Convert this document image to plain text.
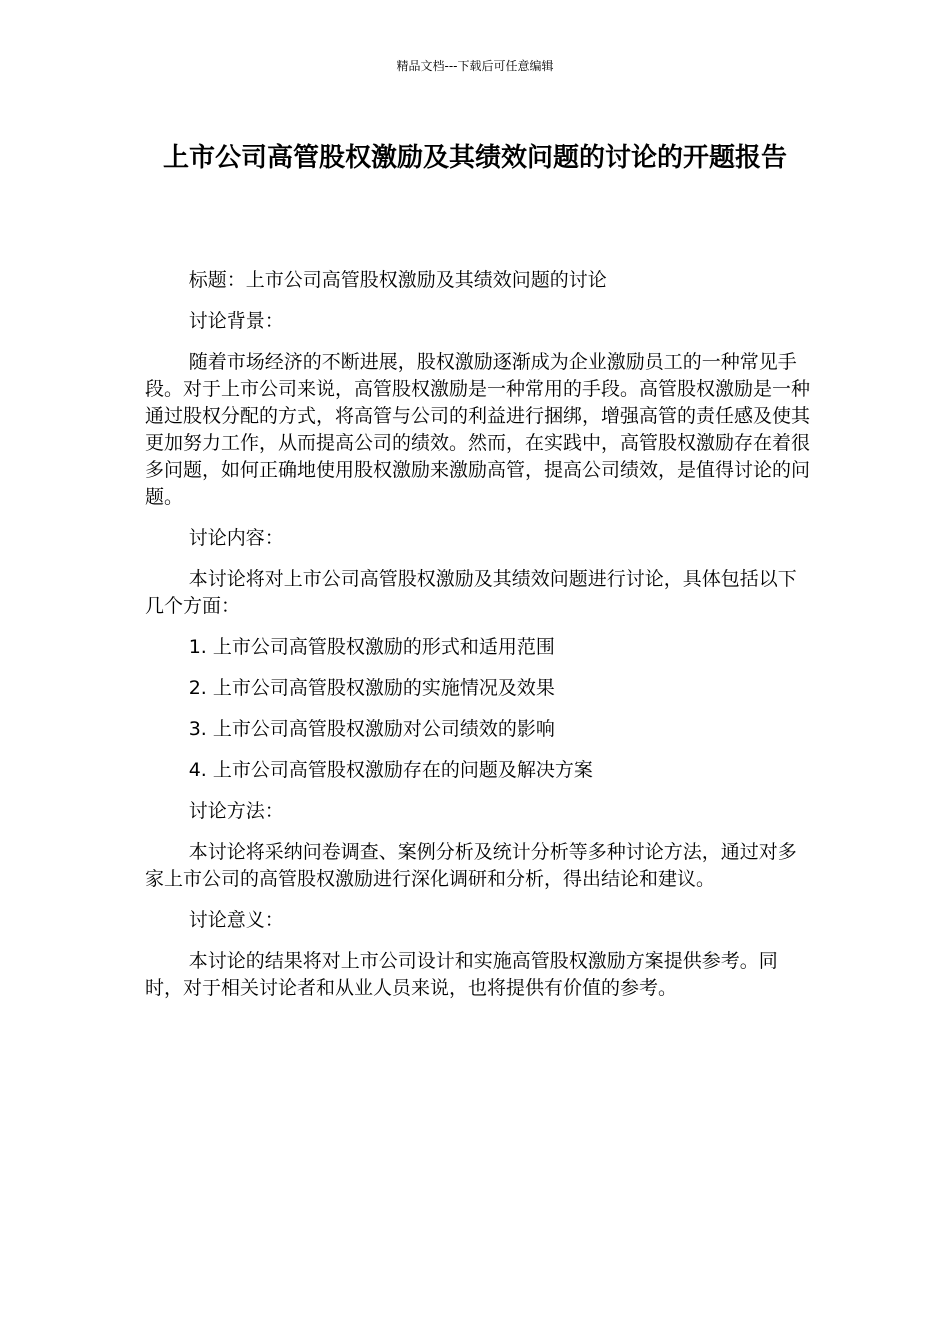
精品文档---下载后可任意编辑
上市公司高管股权激励及其绩效问题的讨论的开题报告

标题：上市公司高管股权激励及其绩效问题的讨论

讨论背景：

随着市场经济的不断进展，股权激励逐渐成为企业激励员工的一种常见手段。对于上市公司来说，高管股权激励是一种常用的手段。高管股权激励是一种通过股权分配的方式，将高管与公司的利益进行捆绑，增强高管的责任感及使其更加努力工作，从而提高公司的绩效。然而，在实践中，高管股权激励存在着很多问题，如何正确地使用股权激励来激励高管，提高公司绩效，是值得讨论的问题。

讨论内容：

本讨论将对上市公司高管股权激励及其绩效问题进行讨论，具体包括以下几个方面：

1. 上市公司高管股权激励的形式和适用范围

2. 上市公司高管股权激励的实施情况及效果

3. 上市公司高管股权激励对公司绩效的影响

4. 上市公司高管股权激励存在的问题及解决方案

讨论方法：

本讨论将采纳问卷调查、案例分析及统计分析等多种讨论方法，通过对多家上市公司的高管股权激励进行深化调研和分析，得出结论和建议。

讨论意义：

本讨论的结果将对上市公司设计和实施高管股权激励方案提供参考。同时，对于相关讨论者和从业人员来说，也将提供有价值的参考。
